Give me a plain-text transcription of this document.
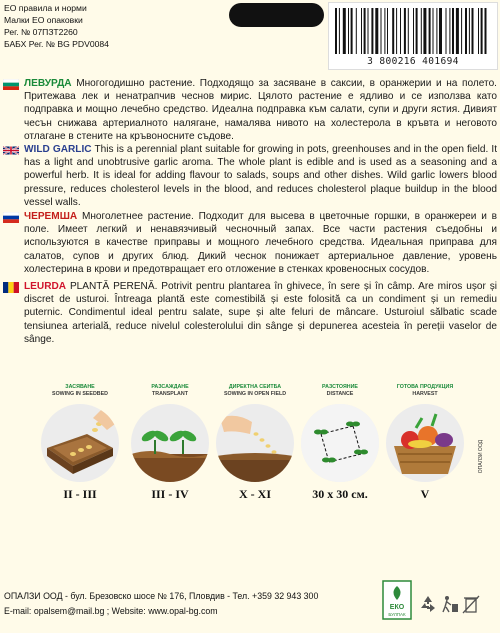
ЕО правила и норми
Малки ЕО опаковки
Рег. № 07ПЗТ2260
БАБХ Рег. № BG PDV0084
3 800216 401694
ЛЕВУРДА Многогодишно растение. Подходящо за засяване в саксии, в оранжерии и на полето. Притежава лек и ненатрапчив чеснов мирис. Цялото растение е ядливо и се използва като подправка и мощно лечебно средство. Идеална подправка към салати, супи и други ястия. Дивият чесън снижава артериалното налягане, намалява нивото на холестерола в кръвта и неговото отлагане в стените на кръвоносните съдове.
WILD GARLIC This is a perennial plant suitable for growing in pots, greenhouses and in the open field. It has a light and unobtrusive garlic aroma. The whole plant is edible and is used as a seasoning and a powerful herb. It is ideal for adding flavour to salads, soups and other dishes. Wild garlic lowers blood pressure, reduces cholesterol levels in the blood, and reduces cholesterol plaque buildup in the blood vessel walls.
ЧЕРЕМША Многолетнее растение. Подходит для высева в цветочные горшки, в оранжереи и в поле. Имеет легкий и ненавязчивый чесночный запах. Все части растения съедобны и используются в качестве приправы и мощного лечебного средства. Идеальная приправа для салатов, супов и других блюд. Дикий чеснок понижает артериальное давление, уровень холестерина в крови и предотвращает его отложение в стенках кровеносных сосудов.
LEURDA PLANTĂ PERENĂ. Potrivit pentru plantarea în ghivece, în sere și în câmp. Are miros ușor și discret de usturoi. Întreaga plantă este comestibilă și este folosită ca un condiment și un remediu puternic. Condimentul ideal pentru salate, supe și alte feluri de mâncare. Usturoiul sălbatic scade tensiunea arterială, reduce nivelul colesterolului din sânge și depunerea acesteia în pereții vaselor de sânge.
ЗАСЯВАНЕ
SOWING IN SEEDBED
РАЗСАЖДАНЕ
TRANSPLANT
ДИРЕКТНА СЕИТБА
SOWING IN OPEN FIELD
РАЗСТОЯНИЕ
DISTANCE
ГОТОВА ПРОДУКЦИЯ
HARVEST
II - III	III - IV	X - XI	30 x 30 см.	V
ОПАЛЗИ ООД
ОПАЛЗИ ООД - бул. Брезовско шосе № 176, Пловдив - Тел. +359 32 943 300
E-mail: opalsem@mail.bg ; Website: www.opal-bg.com	ЕКО
БУЛПАК
